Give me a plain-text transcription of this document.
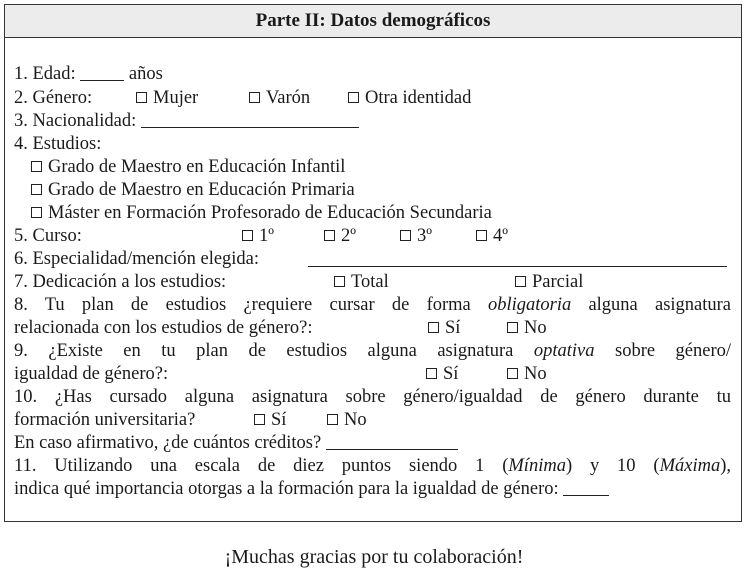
Parte II: Datos demográficos
1. Edad:	años
2. Género:	Mujer	Varón	Otra identidad
3. Nacionalidad:
4. Estudios:
Grado de Maestro en Educación Infantil
Grado de Maestro en Educación Primaria
Máster en Formación Profesorado de Educación Secundaria
5. Curso:	1º	2º	3º	4º
6. Especialidad/mención elegida:
7. Dedicación a los estudios:	Total	Parcial
8. Tu plan de estudios ¿requiere cursar de forma obligatoria alguna asignatura
relacionada con los estudios de género?:	Sí	No
9. ¿Existe en tu plan de estudios alguna asignatura optativa sobre género/
igualdad de género?:	Sí	No
10. ¿Has cursado alguna asignatura sobre género/igualdad de género durante tu
formación universitaria?	Sí	No
En caso afirmativo, ¿de cuántos créditos?
11. Utilizando una escala de diez puntos siendo 1 (Mínima) y 10 (Máxima),
indica qué importancia otorgas a la formación para la igualdad de género:
¡Muchas gracias por tu colaboración!
